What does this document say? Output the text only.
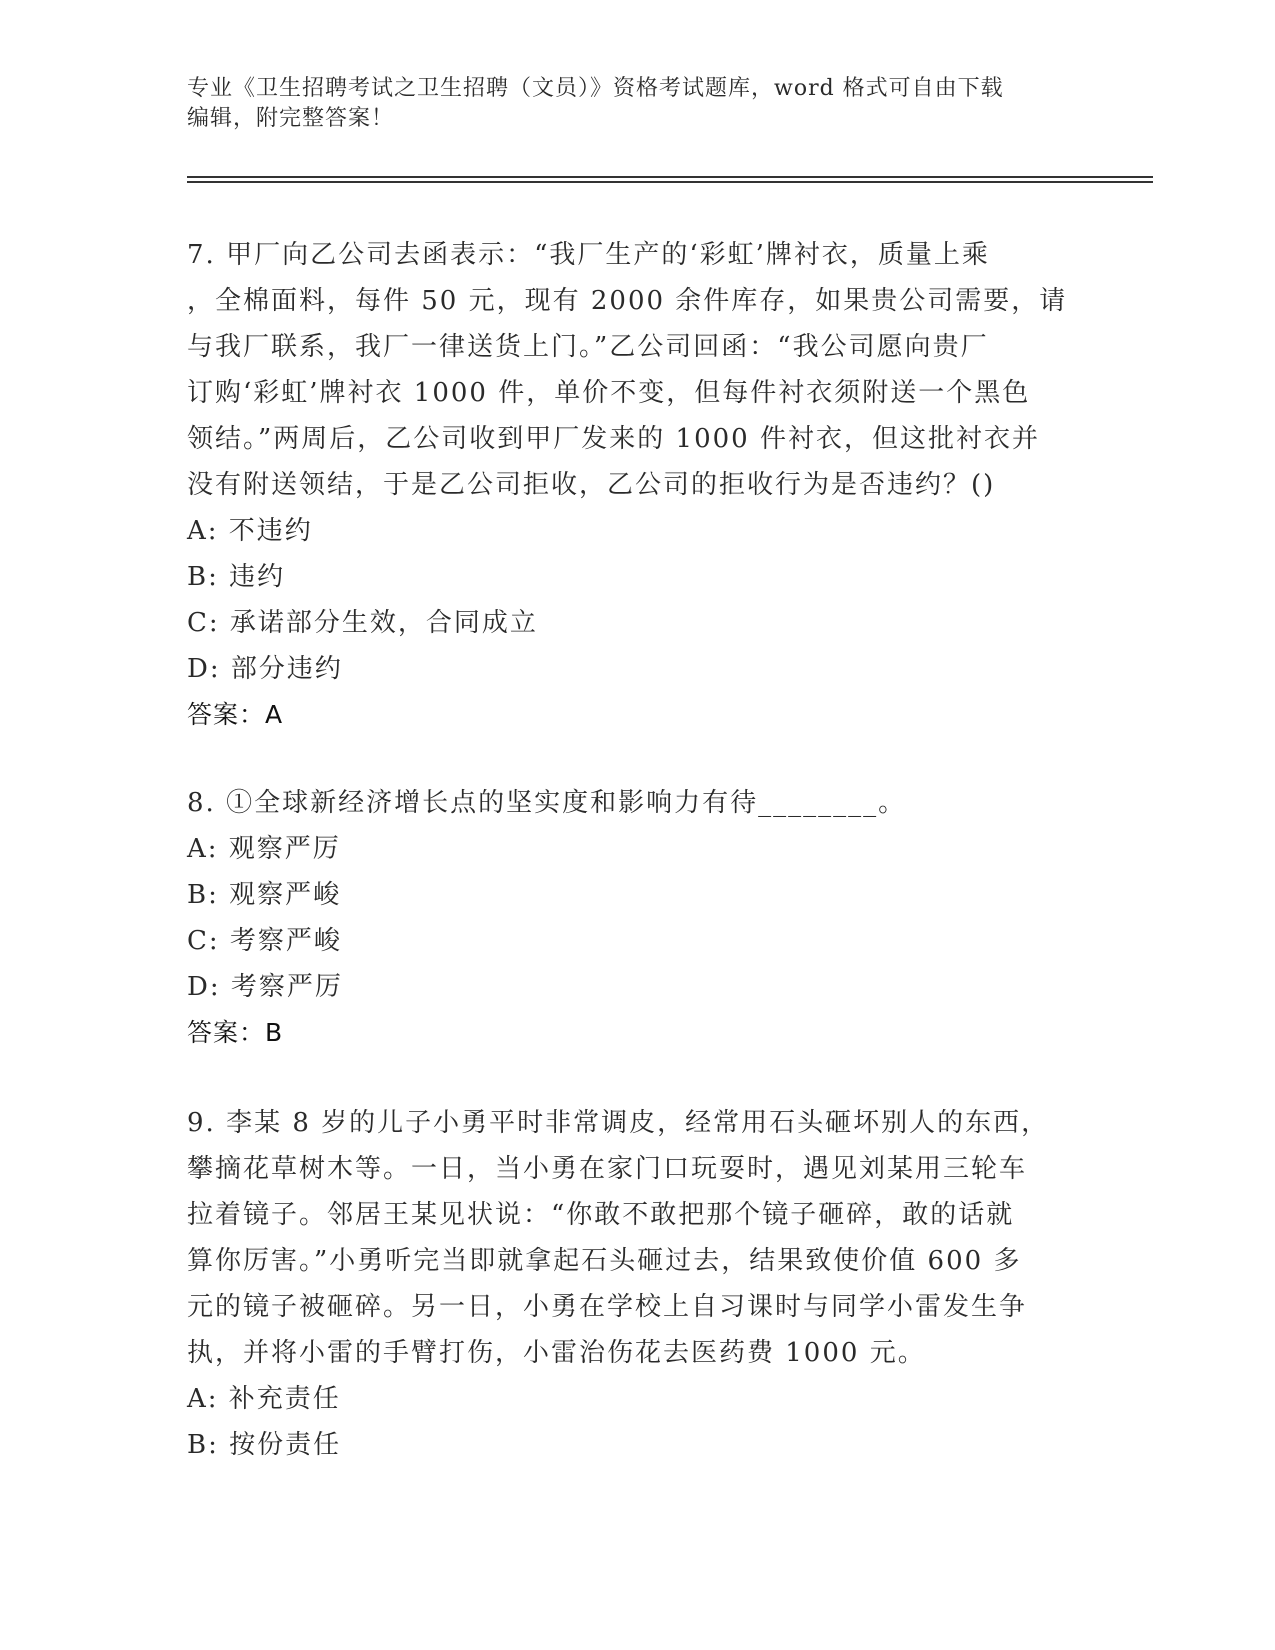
专业《卫生招聘考试之卫生招聘（文员）》资格考试题库，word 格式可自由下载
编辑，附完整答案！
7. 甲厂向乙公司去函表示：“我厂生产的‘彩虹’牌衬衣，质量上乘
，全棉面料，每件 50 元，现有 2000 余件库存，如果贵公司需要，请
与我厂联系，我厂一律送货上门。”乙公司回函：“我公司愿向贵厂
订购‘彩虹’牌衬衣 1000 件，单价不变，但每件衬衣须附送一个黑色
领结。”两周后，乙公司收到甲厂发来的 1000 件衬衣，但这批衬衣并
没有附送领结，于是乙公司拒收，乙公司的拒收行为是否违约？()
A: 不违约
B: 违约
C: 承诺部分生效，合同成立
D: 部分违约
答案：A
8. ①全球新经济增长点的坚实度和影响力有待________。
A: 观察严厉
B: 观察严峻
C: 考察严峻
D: 考察严厉
答案：B
9. 李某 8 岁的儿子小勇平时非常调皮，经常用石头砸坏别人的东西，
攀摘花草树木等。一日，当小勇在家门口玩耍时，遇见刘某用三轮车
拉着镜子。邻居王某见状说：“你敢不敢把那个镜子砸碎，敢的话就
算你厉害。”小勇听完当即就拿起石头砸过去，结果致使价值 600 多
元的镜子被砸碎。另一日，小勇在学校上自习课时与同学小雷发生争
执，并将小雷的手臂打伤，小雷治伤花去医药费 1000 元。
A: 补充责任
B: 按份责任
